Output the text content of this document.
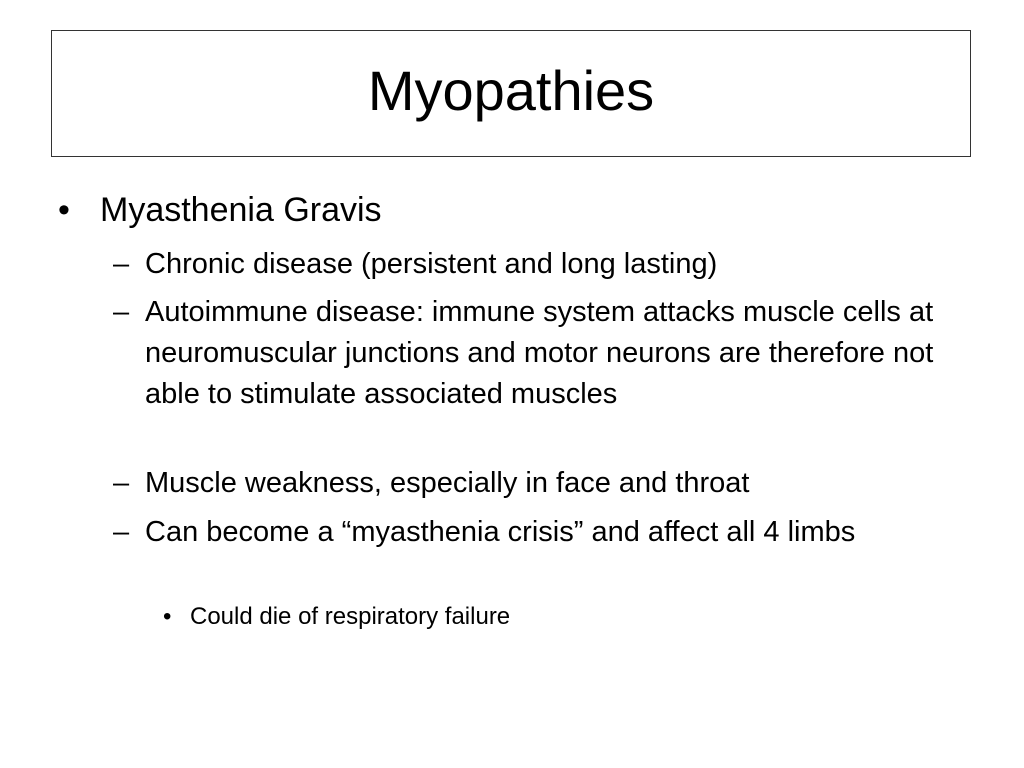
Myopathies
• Myasthenia Gravis
– Chronic disease (persistent and long lasting)
– Autoimmune disease: immune system attacks muscle cells at neuromuscular junctions and motor neurons are therefore not able to stimulate associated muscles
– Muscle weakness, especially in face and throat
– Can become a “myasthenia crisis” and affect all 4 limbs
• Could die of respiratory failure
